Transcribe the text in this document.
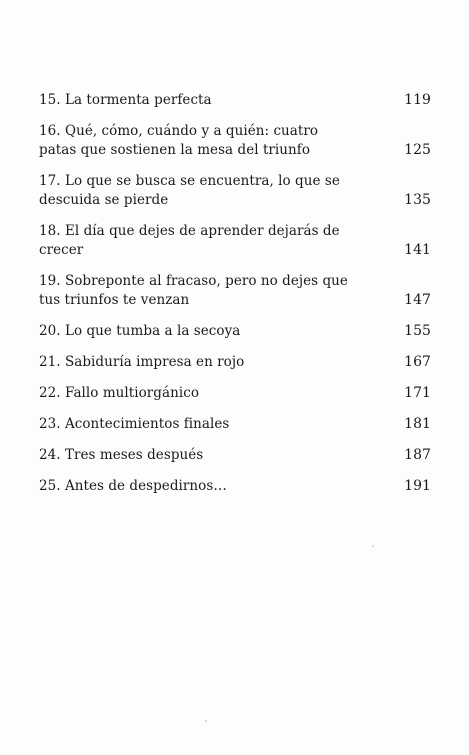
15. La tormenta perfecta	119
16. Qué, cómo, cuándo y a quién: cuatro patas que sostienen la mesa del triunfo	125
17. Lo que se busca se encuentra, lo que se descuida se pierde	135
18. El día que dejes de aprender dejarás de crecer	141
19. Sobreponte al fracaso, pero no dejes que tus triunfos te venzan	147
20. Lo que tumba a la secoya	155
21. Sabiduría impresa en rojo	167
22. Fallo multiorgánico	171
23. Acontecimientos finales	181
24. Tres meses después	187
25. Antes de despedirnos…	191
